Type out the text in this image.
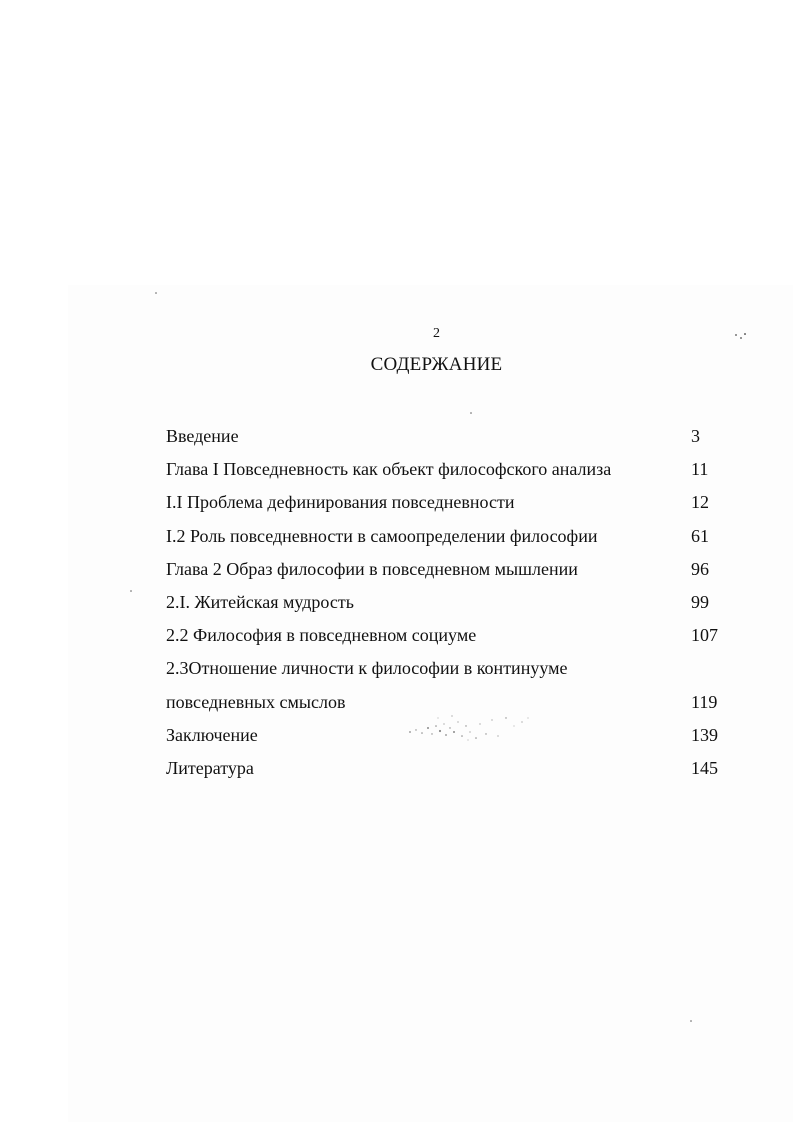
2
СОДЕРЖАНИЕ
Введение	3
Глава I Повседневность как объект философского анализа	11
I.I Проблема дефинирования повседневности	12
I.2 Роль повседневности в самоопределении философии	61
Глава 2 Образ философии в повседневном мышлении	96
2.I. Житейская мудрость	99
2.2 Философия в повседневном социуме	107
2.3Отношение личности к философии в континууме
повседневных смыслов	119
Заключение	139
Литература	145
